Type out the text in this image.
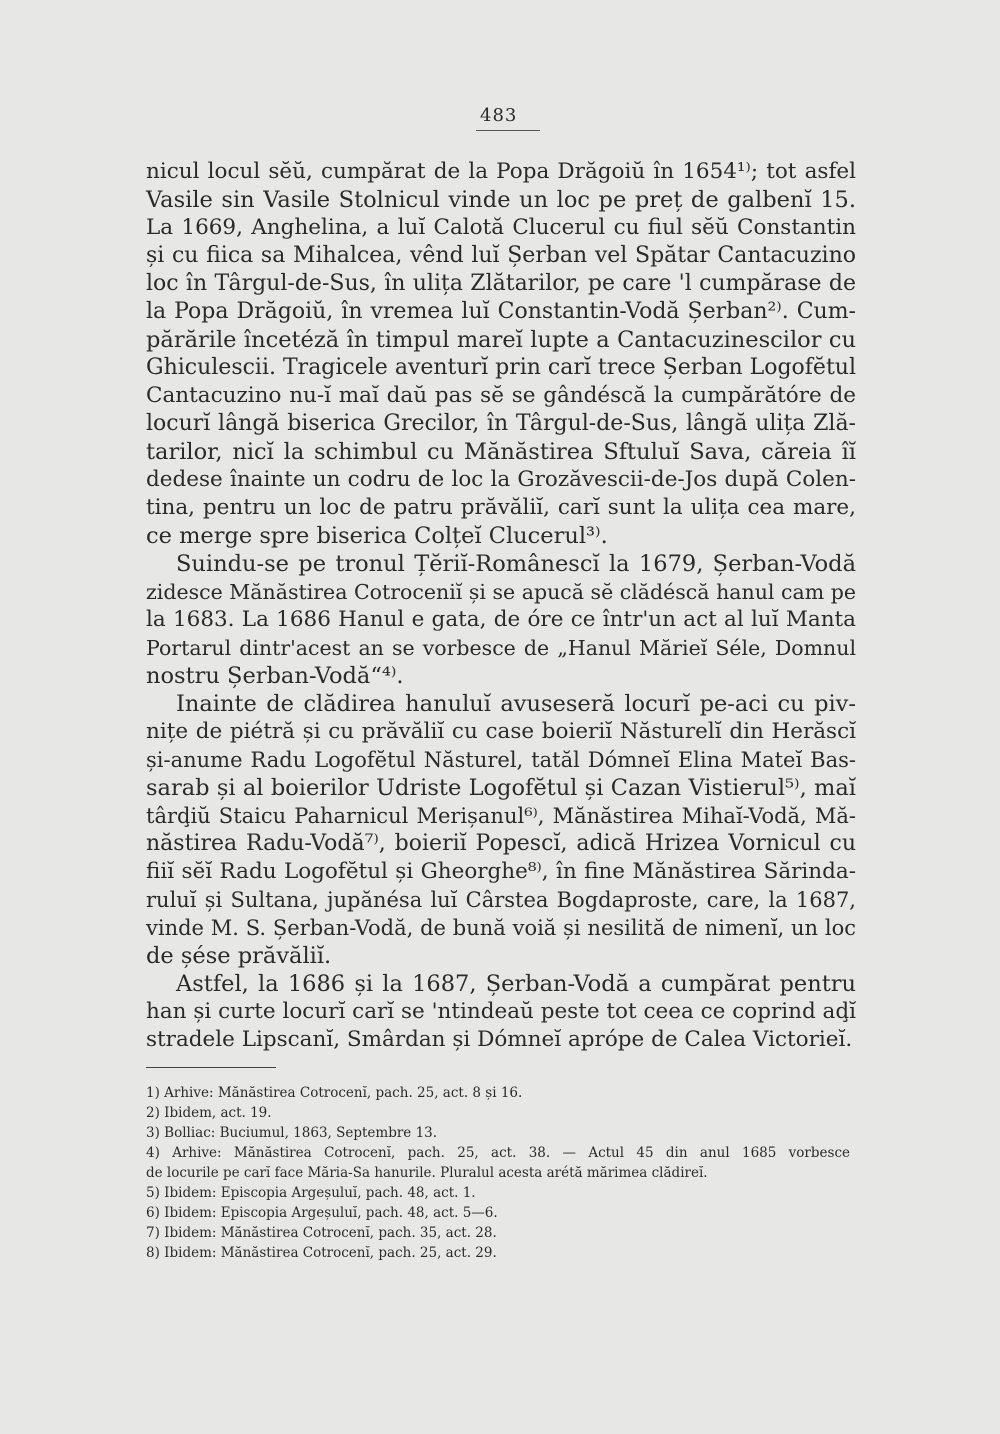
483
nicul locul sĕŭ, cumpărat de la Popa Drăgoiŭ în 1654¹⁾; tot asfel
Vasile sin Vasile Stolnicul vinde un loc pe preț de galbenĭ 15.
La 1669, Anghelina, a luĭ Calotă Clucerul cu fiul sĕŭ Constantin
și cu fiica sa Mihalcea, vênd luĭ Șerban vel Spătar Cantacuzino
loc în Târgul-de-Sus, în ulița Zlătarilor, pe care 'l cumpărase de
la Popa Drăgoiŭ, în vremea luĭ Constantin-Vodă Șerban²⁾. Cum-
părările încetéză în timpul mareĭ lupte a Cantacuzinescilor cu
Ghiculescii. Tragicele aventurĭ prin carĭ trece Șerban Logofĕtul
Cantacuzino nu-ĭ maĭ daŭ pas sĕ se gândéscă la cumpărătóre de
locurĭ lângă biserica Grecilor, în Târgul-de-Sus, lângă ulița Zlă-
tarilor, nicĭ la schimbul cu Mănăstirea Sftuluĭ Sava, căreia îĭ
dedese înainte un codru de loc la Grozăvescii-de-Jos după Colen-
tina, pentru un loc de patru prăvăliĭ, carĭ sunt la ulița cea mare,
ce merge spre biserica Colțeĭ Clucerul³⁾.
Suindu-se pe tronul Țĕriĭ-Românescĭ la 1679, Șerban-Vodă
zidesce Mănăstirea Cotroceniĭ și se apucă sĕ clădéscă hanul cam pe
la 1683. La 1686 Hanul e gata, de óre ce într'un act al luĭ Manta
Portarul dintr'acest an se vorbesce de „Hanul Măriеĭ Séle, Domnul
nostru Șerban-Vodă“⁴⁾.
Inainte de clădirea hanuluĭ avuseseră locurĭ pe-aci cu piv-
nițe de piétră și cu prăvăliĭ cu case boieriĭ Năsturelĭ din Herăscĭ
și-anume Radu Logofĕtul Năsturel, tatăl Dómneĭ Elina Mateĭ Bas-
sarab și al boierilor Udriste Logofĕtul și Cazan Vistierul⁵⁾, maĭ
târḑiŭ Staicu Paharnicul Merișanul⁶⁾, Mănăstirea Mihaĭ-Vodă, Mă-
năstirea Radu-Vodă⁷⁾, boieriĭ Popescĭ, adică Hrizea Vornicul cu
fiiĭ sĕĭ Radu Logofĕtul și Gheorghe⁸⁾, în fine Mănăstirea Sărinda-
ruluĭ și Sultana, jupănésa luĭ Cârstea Bogdaproste, care, la 1687,
vinde M. S. Șerban-Vodă, de bună voiă și nesilită de nimenĭ, un loc
de șése prăvăliĭ.
Astfel, la 1686 și la 1687, Șerban-Vodă a cumpărat pentru
han și curte locurĭ carĭ se 'ntindeaŭ peste tot ceea ce coprind aḑĭ
stradele Lipscanĭ, Smârdan și Dómneĭ aprópe de Calea Victorieĭ.
1) Arhive: Mănăstirea Cotrocenĭ, pach. 25, act. 8 și 16.
2) Ibidem, act. 19.
3) Bolliac: Buciumul, 1863, Septembre 13.
4) Arhive: Mănăstirea Cotrocenĭ, pach. 25, act. 38. — Actul 45 din anul 1685 vorbesce
de locurile pe carĭ face Măria-Sa hanurile. Pluralul acesta arétă mărimea clădireĭ.
5) Ibidem: Episcopia Argeșuluĭ, pach. 48, act. 1.
6) Ibidem: Episcopia Argeșuluĭ, pach. 48, act. 5—6.
7) Ibidem: Mănăstirea Cotrocenĭ, pach. 35, act. 28.
8) Ibidem: Mănăstirea Cotrocenĭ, pach. 25, act. 29.
